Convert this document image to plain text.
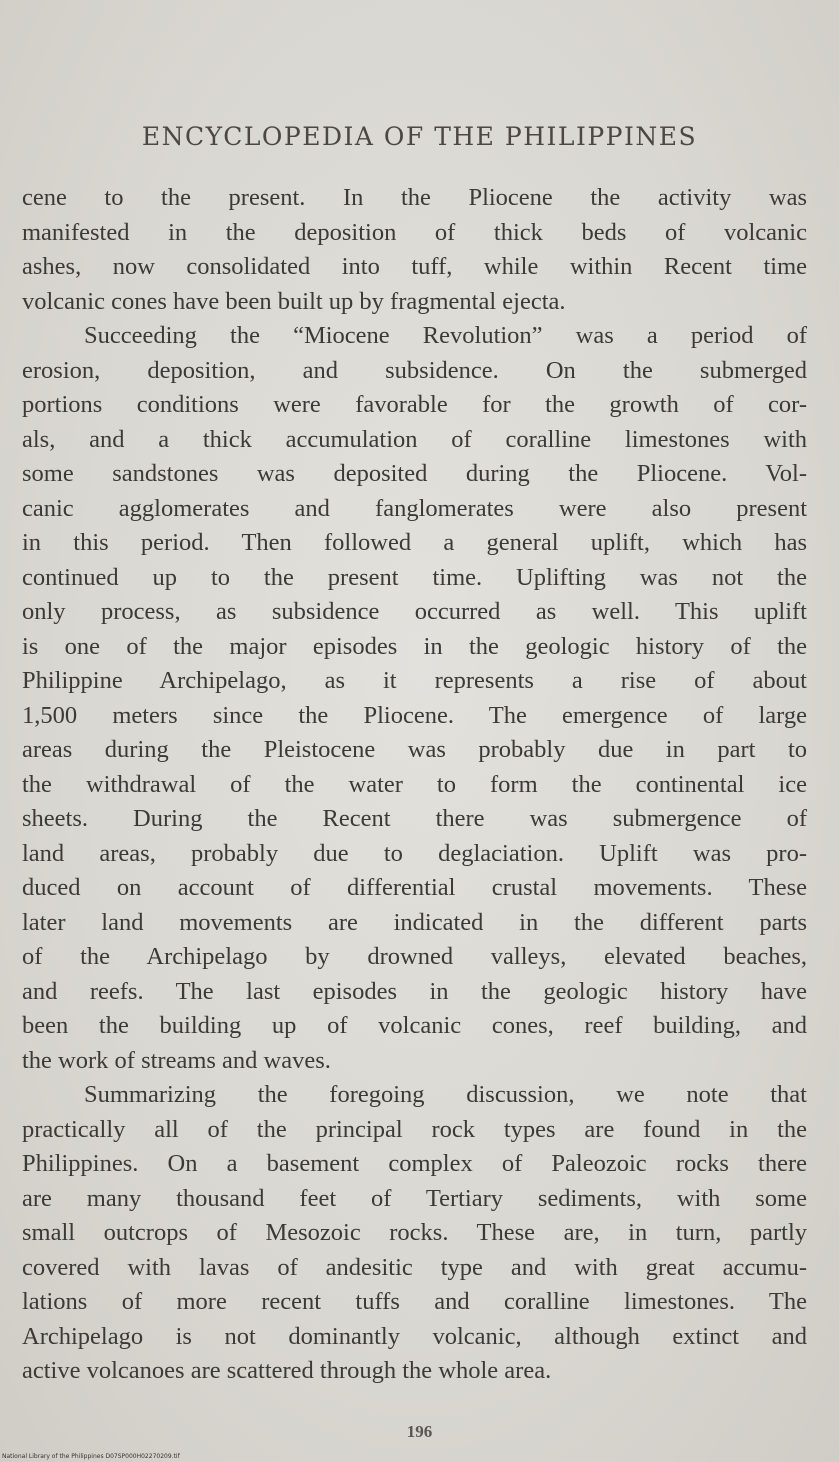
ENCYCLOPEDIA OF THE PHILIPPINES
cene to the present. In the Pliocene the activity was
manifested in the deposition of thick beds of volcanic
ashes, now consolidated into tuff, while within Recent time
volcanic cones have been built up by fragmental ejecta.
Succeeding the “Miocene Revolution” was a period of
erosion, deposition, and subsidence. On the submerged
portions conditions were favorable for the growth of cor-
als, and a thick accumulation of coralline limestones with
some sandstones was deposited during the Pliocene. Vol-
canic agglomerates and fanglomerates were also present
in this period. Then followed a general uplift, which has
continued up to the present time. Uplifting was not the
only process, as subsidence occurred as well. This uplift
is one of the major episodes in the geologic history of the
Philippine Archipelago, as it represents a rise of about
1,500 meters since the Pliocene. The emergence of large
areas during the Pleistocene was probably due in part to
the withdrawal of the water to form the continental ice
sheets. During the Recent there was submergence of
land areas, probably due to deglaciation. Uplift was pro-
duced on account of differential crustal movements. These
later land movements are indicated in the different parts
of the Archipelago by drowned valleys, elevated beaches,
and reefs. The last episodes in the geologic history have
been the building up of volcanic cones, reef building, and
the work of streams and waves.
Summarizing the foregoing discussion, we note that
practically all of the principal rock types are found in the
Philippines. On a basement complex of Paleozoic rocks there
are many thousand feet of Tertiary sediments, with some
small outcrops of Mesozoic rocks. These are, in turn, partly
covered with lavas of andesitic type and with great accumu-
lations of more recent tuffs and coralline limestones. The
Archipelago is not dominantly volcanic, although extinct and
active volcanoes are scattered through the whole area.
196
National Library of the Philippines D07SP000H02270209.tif
